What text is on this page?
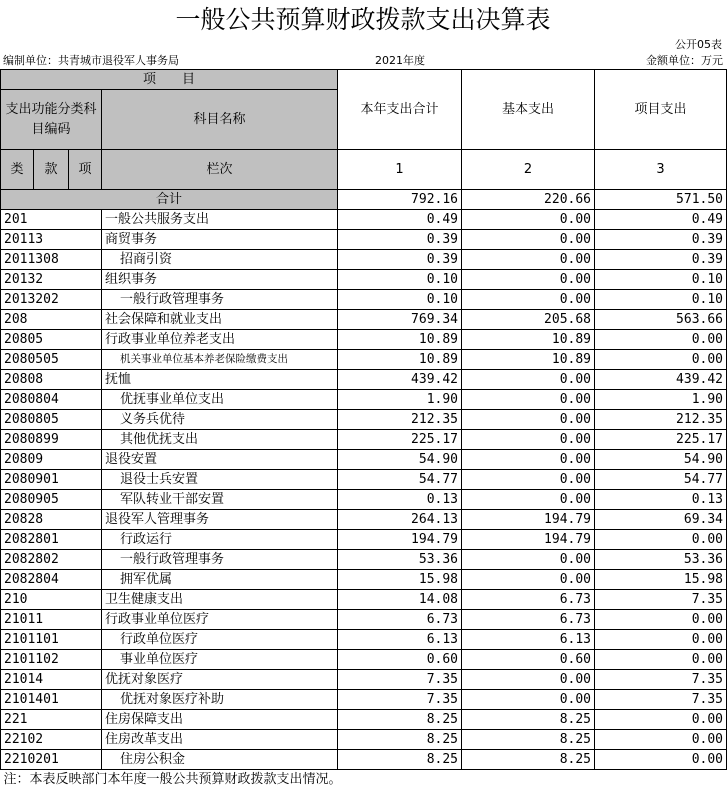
一般公共预算财政拨款支出决算表
公开05表
编制单位：共青城市退役军人事务局	2021年度	金额单位：万元
项　　目				本年支出合计	基本支出	项目支出
支出功能分类科目编码			科目名称			

类	款	项				
			栏次	1	2	3
合计				792.16	220.66	571.50
201			一般公共服务支出	0.49	0.00	0.49
20113			商贸事务	0.39	0.00	0.39
2011308			招商引资	0.39	0.00	0.39
20132			组织事务	0.10	0.00	0.10
2013202			一般行政管理事务	0.10	0.00	0.10
208			社会保障和就业支出	769.34	205.68	563.66
20805			行政事业单位养老支出	10.89	10.89	0.00
2080505			机关事业单位基本养老保险缴费支出	10.89	10.89	0.00
20808			抚恤	439.42	0.00	439.42
2080804			优抚事业单位支出	1.90	0.00	1.90
2080805			义务兵优待	212.35	0.00	212.35
2080899			其他优抚支出	225.17	0.00	225.17
20809			退役安置	54.90	0.00	54.90
2080901			退役士兵安置	54.77	0.00	54.77
2080905			军队转业干部安置	0.13	0.00	0.13
20828			退役军人管理事务	264.13	194.79	69.34
2082801			行政运行	194.79	194.79	0.00
2082802			一般行政管理事务	53.36	0.00	53.36
2082804			拥军优属	15.98	0.00	15.98
210			卫生健康支出	14.08	6.73	7.35
21011			行政事业单位医疗	6.73	6.73	0.00
2101101			行政单位医疗	6.13	6.13	0.00
2101102			事业单位医疗	0.60	0.60	0.00
21014			优抚对象医疗	7.35	0.00	7.35
2101401			优抚对象医疗补助	7.35	0.00	7.35
221			住房保障支出	8.25	8.25	0.00
22102			住房改革支出	8.25	8.25	0.00
2210201			住房公积金	8.25	8.25	0.00
注：本表反映部门本年度一般公共预算财政拨款支出情况。						
